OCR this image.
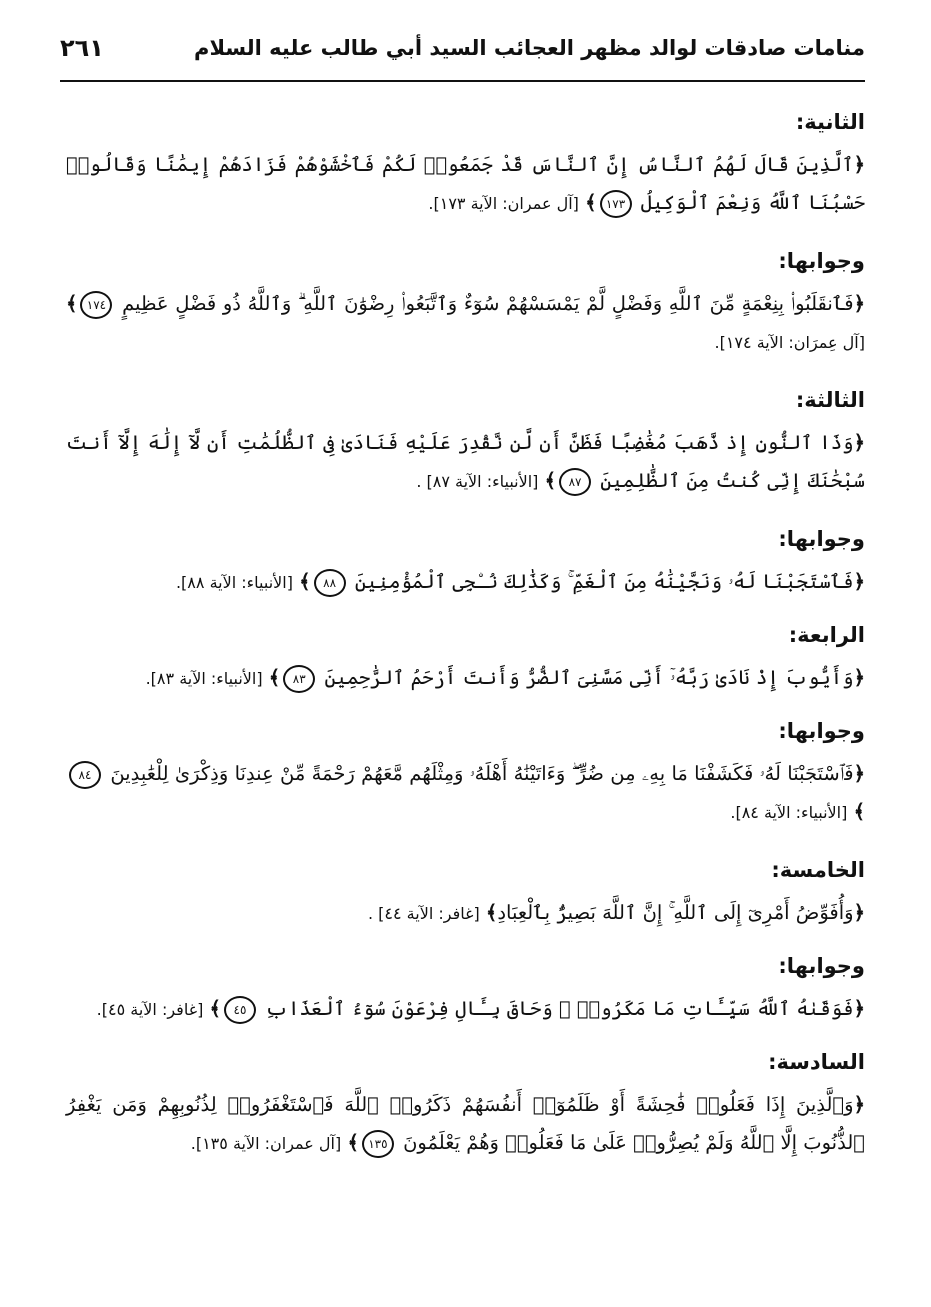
منامات صادقات لوالد مظهر العجائب السيد أبي طالب عليه السلام
٢٦١
الثانية:
﴿ٱلَّذِينَ قَالَ لَهُمُ ٱلنَّاسُ إِنَّ ٱلنَّاسَ قَدْ جَمَعُوا۟ لَكُمْ فَٱخْشَوْهُمْ فَزَادَهُمْ إِيمَٰنًا وَقَالُوا۟ حَسْبُنَا ٱللَّهُ وَنِعْمَ ٱلْوَكِيلُ ١٧٣﴾ [آل عمران: الآية ١٧٣].
وجوابها:
﴿فَٱنقَلَبُوا۟ بِنِعْمَةٍ مِّنَ ٱللَّهِ وَفَضْلٍ لَّمْ يَمْسَسْهُمْ سُوٓءٌ وَٱتَّبَعُوا۟ رِضْوَٰنَ ٱللَّهِ ۗ وَٱللَّهُ ذُو فَضْلٍ عَظِيمٍ ١٧٤﴾ [آل عِمرَان: الآية ١٧٤].
الثالثة:
﴿وَذَا ٱلنُّونِ إِذ ذَّهَبَ مُغَٰضِبًا فَظَنَّ أَن لَّن نَّقْدِرَ عَلَيْهِ فَنَادَىٰ فِى ٱلظُّلُمَٰتِ أَن لَّآ إِلَٰهَ إِلَّآ أَنتَ سُبْحَٰنَكَ إِنِّى كُنتُ مِنَ ٱلظَّٰلِمِينَ ٨٧﴾ [الأنبياء: الآية ٨٧] .
وجوابها:
﴿فَٱسْتَجَبْنَا لَهُۥ وَنَجَّيْنَٰهُ مِنَ ٱلْغَمِّ ۚ وَكَذَٰلِكَ نُـۨجِى ٱلْمُؤْمِنِينَ ٨٨﴾ [الأنبياء: الآية ٨٨].
الرابعة:
﴿وَأَيُّوبَ إِذْ نَادَىٰ رَبَّهُۥٓ أَنِّى مَسَّنِىَ ٱلضُّرُّ وَأَنتَ أَرْحَمُ ٱلرَّٰحِمِينَ ٨٣﴾ [الأنبياء: الآية ٨٣].
وجوابها:
﴿فَٱسْتَجَبْنَا لَهُۥ فَكَشَفْنَا مَا بِهِۦ مِن ضُرٍّ ۖ وَءَاتَيْنَٰهُ أَهْلَهُۥ وَمِثْلَهُم مَّعَهُمْ رَحْمَةً مِّنْ عِندِنَا وَذِكْرَىٰ لِلْعَٰبِدِينَ ٨٤﴾ [الأنبياء: الآية ٨٤].
الخامسة:
﴿وَأُفَوِّضُ أَمْرِىٓ إِلَى ٱللَّهِ ۚ إِنَّ ٱللَّهَ بَصِيرٌۢ بِٱلْعِبَادِ﴾ [غافر: الآية ٤٤] .
وجوابها:
﴿فَوَقَىٰهُ ٱللَّهُ سَيِّـَٔاتِ مَا مَكَرُوا۟ ۖ وَحَاقَ بِـَٔالِ فِرْعَوْنَ سُوٓءُ ٱلْعَذَابِ ٤٥﴾ [غافر: الآية ٤٥].
السادسة:
﴿وَٱلَّذِينَ إِذَا فَعَلُوا۟ فَٰحِشَةً أَوْ ظَلَمُوٓا۟ أَنفُسَهُمْ ذَكَرُوا۟ ٱللَّهَ فَٱسْتَغْفَرُوا۟ لِذُنُوبِهِمْ وَمَن يَغْفِرُ ٱلذُّنُوبَ إِلَّا ٱللَّهُ وَلَمْ يُصِرُّوا۟ عَلَىٰ مَا فَعَلُوا۟ وَهُمْ يَعْلَمُونَ ١٣٥﴾ [آل عمران: الآية ١٣٥].
